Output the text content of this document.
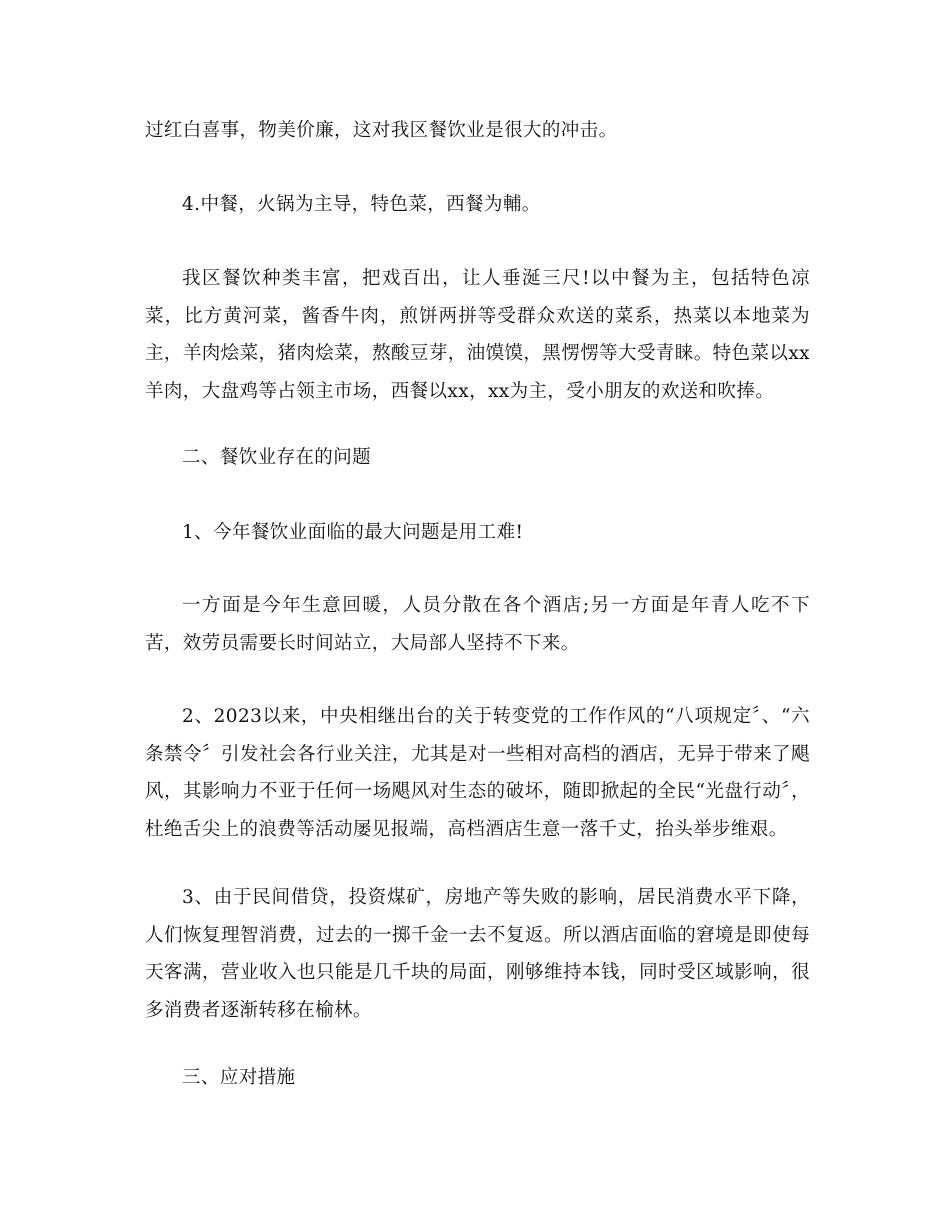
过红白喜事，物美价廉，这对我区餐饮业是很大的冲击。

4.中餐，火锅为主导，特色菜，西餐为輔。

我区餐饮种类丰富，把戏百出，让人垂涎三尺!以中餐为主，包括特色凉菜，比方黄河菜，酱香牛肉，煎饼两拼等受群众欢送的菜系，热菜以本地菜为主，羊肉烩菜，猪肉烩菜，熬酸豆芽，油馍馍，黑愣愣等大受青睐。特色菜以xx羊肉，大盘鸡等占领主市场，西餐以xx，xx为主，受小朋友的欢送和吹捧。

二、餐饮业存在的问题

1、今年餐饮业面临的最大问题是用工难!

一方面是今年生意回暖，人员分散在各个酒店;另一方面是年青人吃不下苦，效劳员需要长时间站立，大局部人坚持不下来。

2、2023以来，中央相继出台的关于转变党的工作作风的“八项规定〞、“六条禁令〞引发社会各行业关注，尤其是对一些相对高档的酒店，无异于带来了飓风，其影响力不亚于任何一场飓风对生态的破坏，随即掀起的全民“光盘行动〞，杜绝舌尖上的浪费等活动屡见报端，高档酒店生意一落千丈，抬头举步维艰。

3、由于民间借贷，投资煤矿，房地产等失败的影响，居民消费水平下降，人们恢复理智消费，过去的一掷千金一去不复返。所以酒店面临的窘境是即使每天客满，营业收入也只能是几千块的局面，刚够维持本钱，同时受区域影响，很多消费者逐渐转移在榆林。

三、应对措施
